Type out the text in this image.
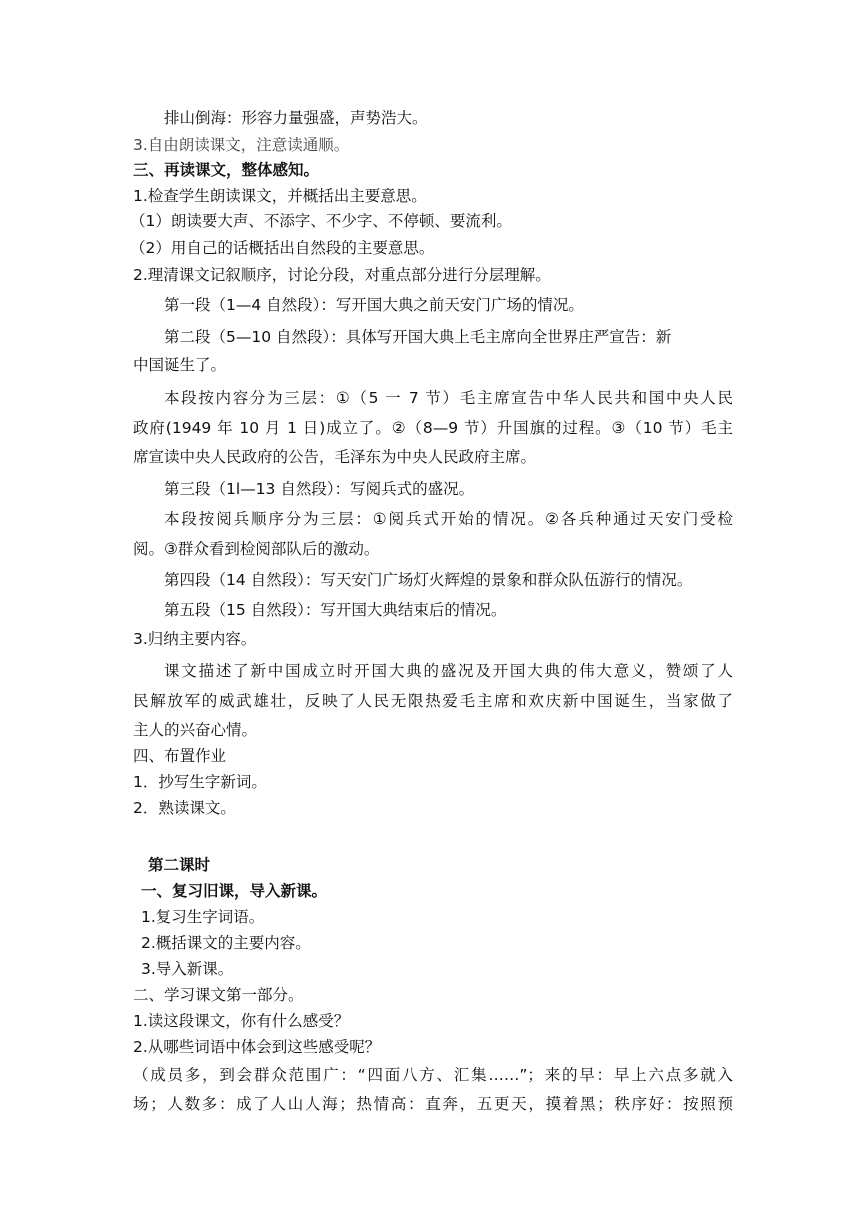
排山倒海：形容力量强盛，声势浩大。
3.自由朗读课文，注意读通顺。
三、再读课文，整体感知。
1.检查学生朗读课文，并概括出主要意思。
（1）朗读要大声、不添字、不少字、不停顿、要流利。
（2）用自己的话概括出自然段的主要意思。
2.理清课文记叙顺序，讨论分段，对重点部分进行分层理解。
第一段（1—4 自然段）：写开国大典之前天安门广场的情况。
第二段（5—10 自然段）：具体写开国大典上毛主席向全世界庄严宣告：新
中国诞生了。
本段按内容分为三层：①（5 一 7 节）毛主席宣告中华人民共和国中央人民
政府(1949 年 10 月 1 日)成立了。②（8—9 节）升国旗的过程。③（10 节）毛主
席宣读中央人民政府的公告，毛泽东为中央人民政府主席。
第三段（1l—13 自然段）：写阅兵式的盛况。
本段按阅兵顺序分为三层：①阅兵式开始的情况。②各兵种通过天安门受检
阅。③群众看到检阅部队后的激动。
第四段（14 自然段）：写天安门广场灯火辉煌的景象和群众队伍游行的情况。
第五段（15 自然段）：写开国大典结束后的情况。
3.归纳主要内容。
课文描述了新中国成立时开国大典的盛况及开国大典的伟大意义，赞颂了人
民解放军的威武雄壮，反映了人民无限热爱毛主席和欢庆新中国诞生，当家做了
主人的兴奋心情。
四、布置作业
1．抄写生字新词。
2．熟读课文。
第二课时
一、复习旧课，导入新课。
1.复习生字词语。
2.概括课文的主要内容。
3.导入新课。
二、学习课文第一部分。
1.读这段课文，你有什么感受？
2.从哪些词语中体会到这些感受呢？
（成员多，到会群众范围广：“四面八方、汇集……”；来的早：早上六点多就入
场；人数多：成了人山人海；热情高：直奔，五更天，摸着黑；秩序好：按照预
